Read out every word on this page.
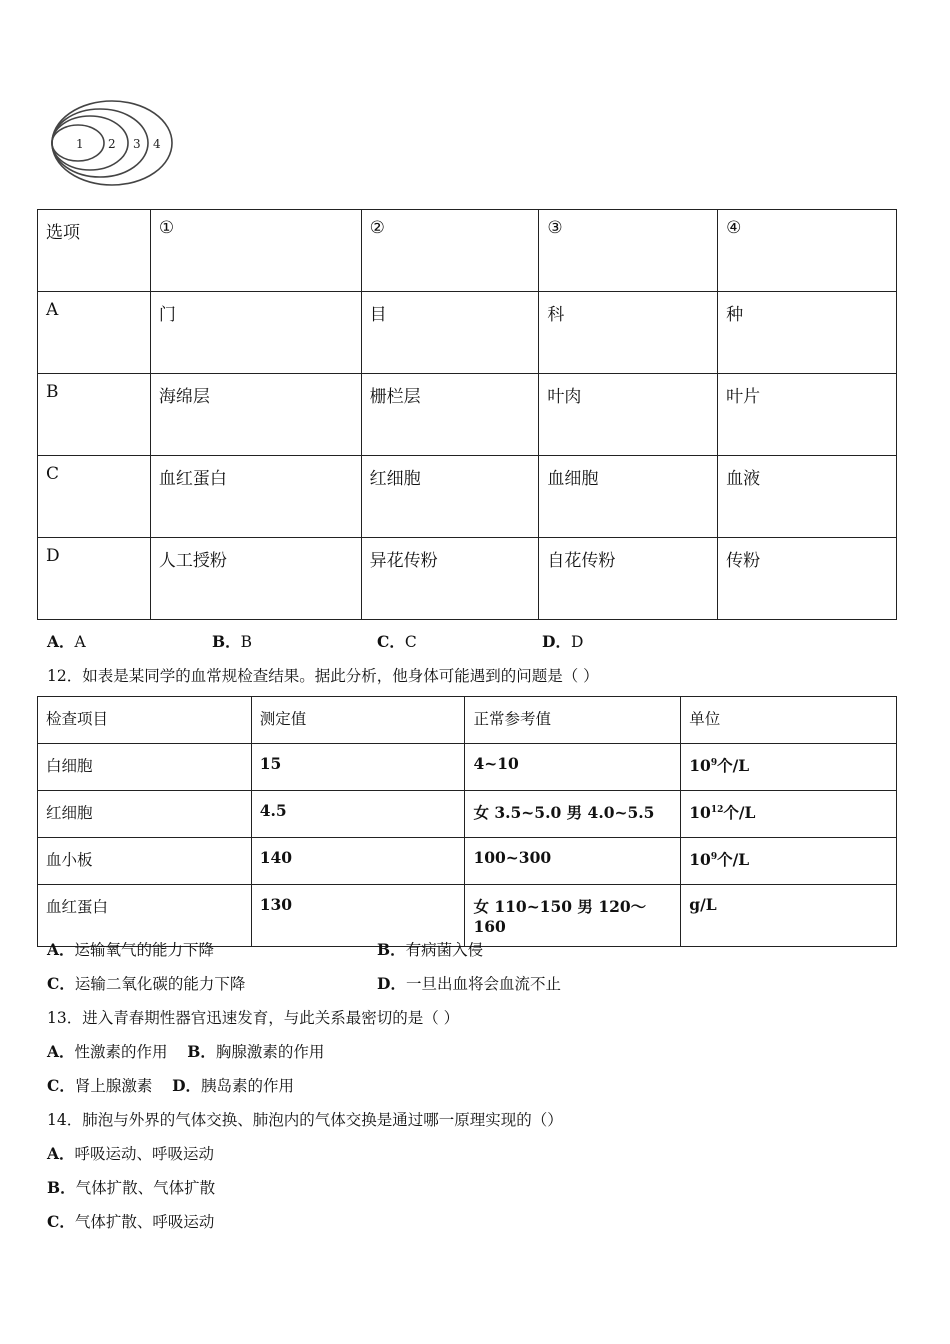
1 2 3 4
选项	①	②	③	④
A	门	目	科	种
B	海绵层	栅栏层	叶肉	叶片
C	血红蛋白	红细胞	血细胞	血液
D	人工授粉	异花传粉	自花传粉	传粉
A．A	B．B	C．C	D．D
12．如表是某同学的血常规检查结果。据此分析，他身体可能遇到的问题是（ ）
检查项目	测定值	正常参考值	单位
白细胞	15	4~10	$10^9$个/L
红细胞	4.5	女 3.5~5.0 男 4.0~5.5	$10^{12}$个/L
血小板	140	100~300	$10^9$个/L
血红蛋白	130	女 110~150 男 120～160	g/L
A．运输氧气的能力下降	B．有病菌入侵
C．运输二氧化碳的能力下降	D．一旦出血将会血流不止
13．进入青春期性器官迅速发育，与此关系最密切的是（ ）
A．性激素的作用 B．胸腺激素的作用
C．肾上腺激素 D．胰岛素的作用
14．肺泡与外界的气体交换、肺泡内的气体交换是通过哪一原理实现的（）
A．呼吸运动、呼吸运动
B．气体扩散、气体扩散
C．气体扩散、呼吸运动
